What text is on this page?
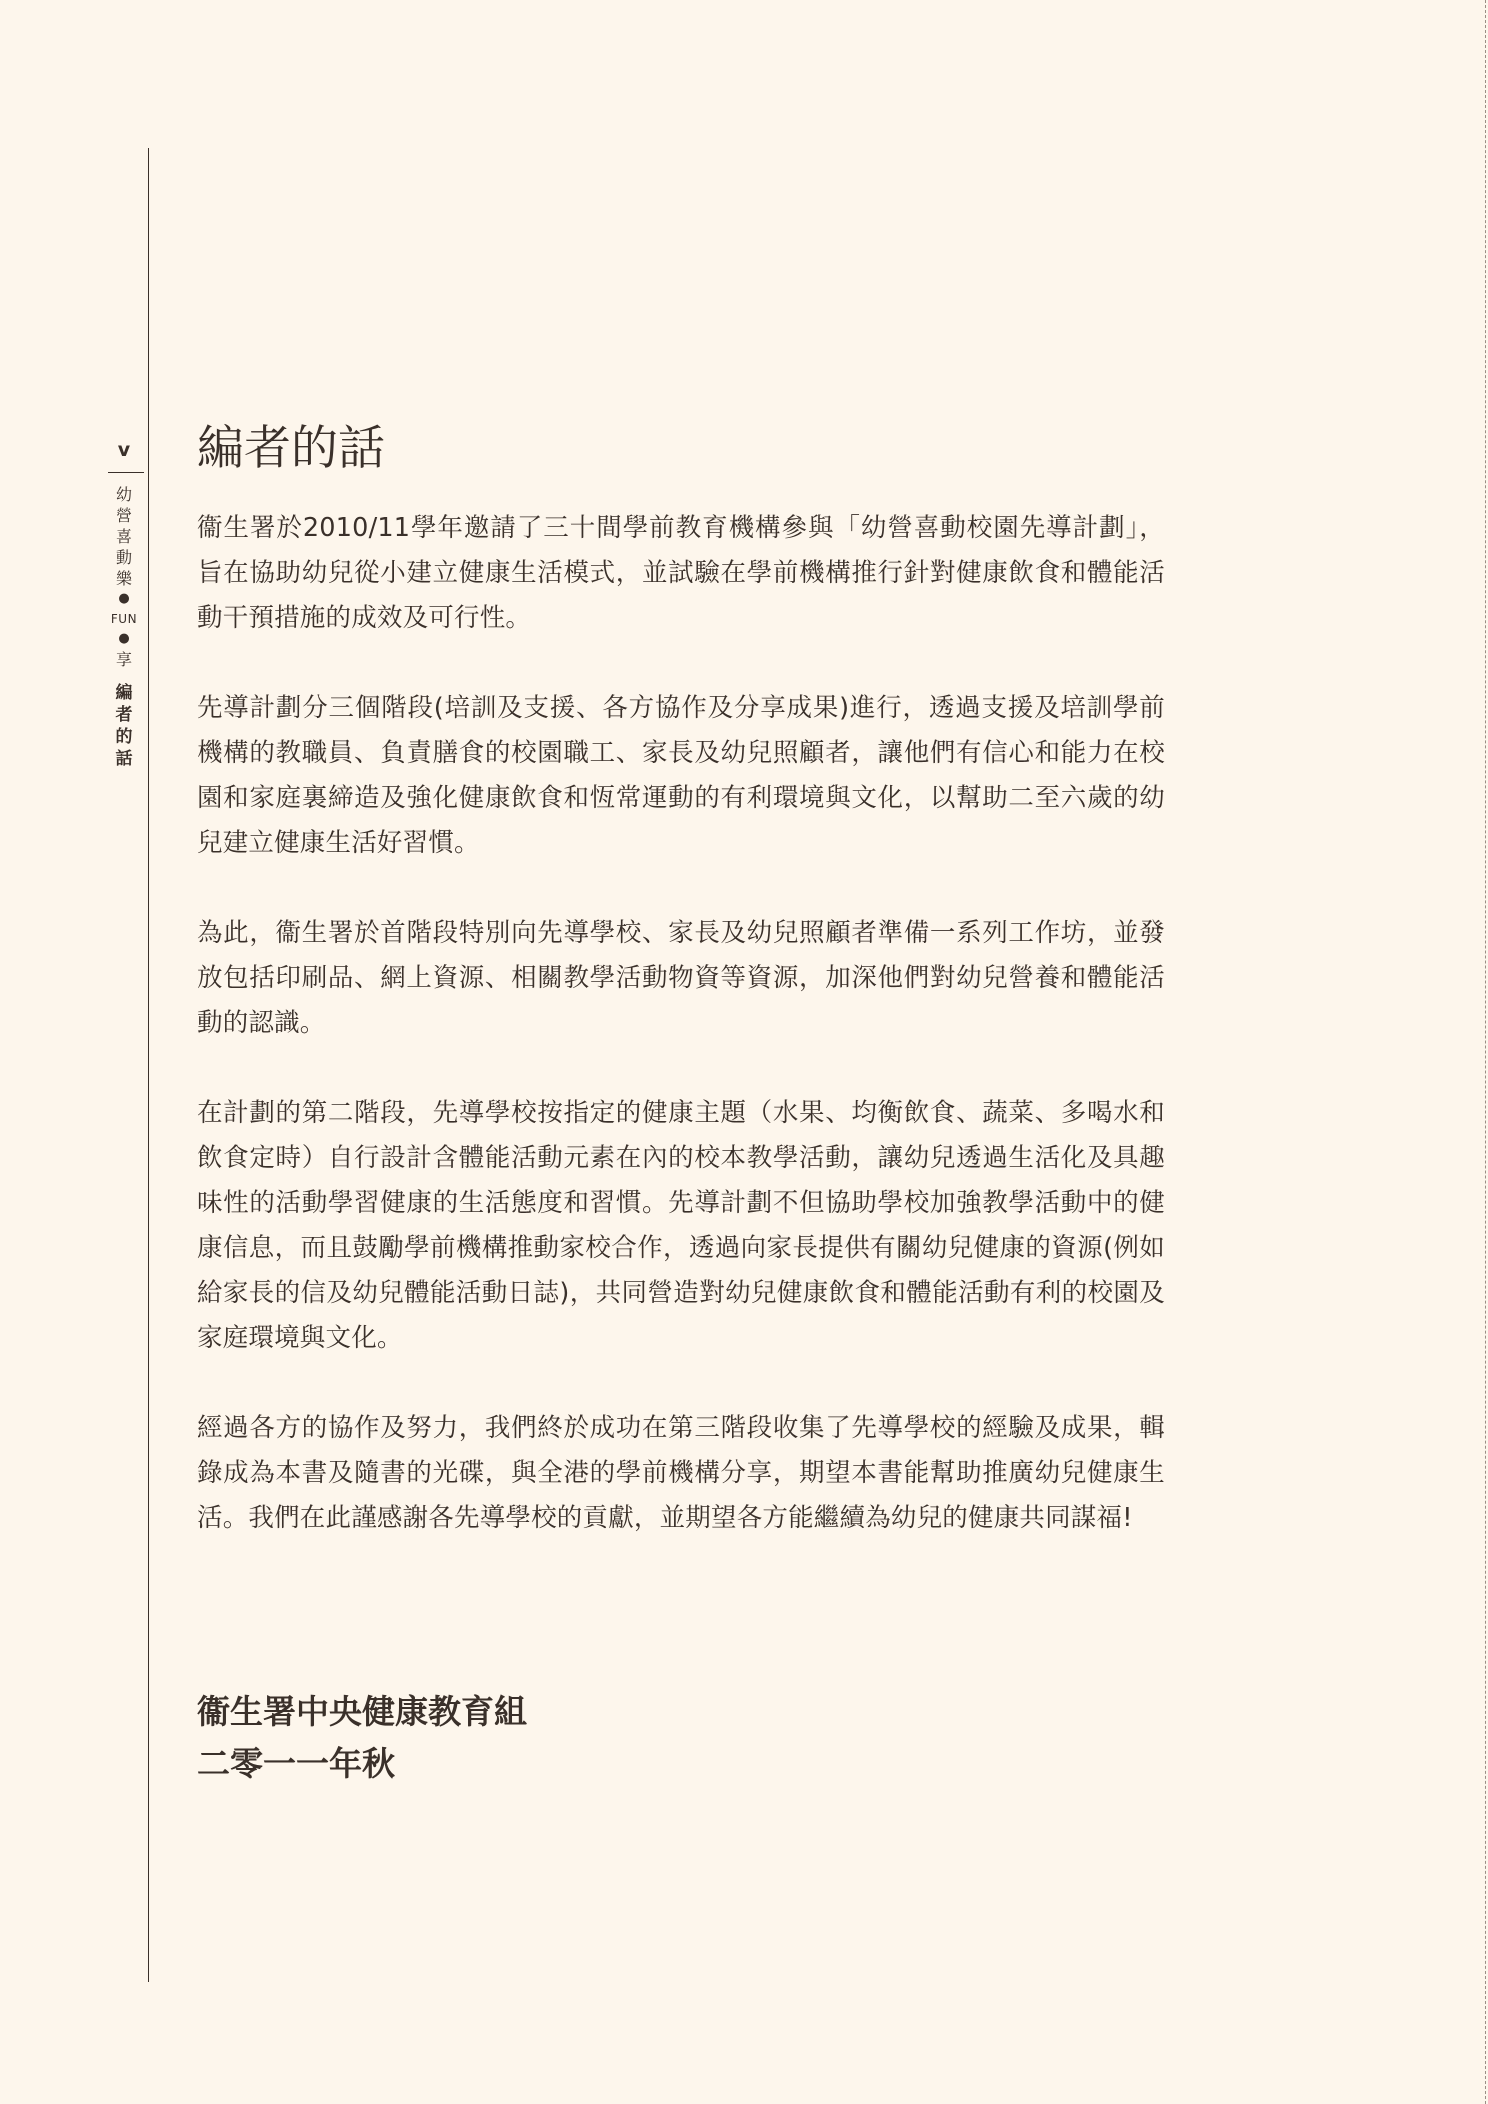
v
幼
營
喜
動
樂
●
FUN
●
享
編
者
的
話
編者的話

衞生署於2010/11學年邀請了三十間學前教育機構參與「幼營喜動校園先導計劃」，旨在協助幼兒從小建立健康生活模式，並試驗在學前機構推行針對健康飲食和體能活動干預措施的成效及可行性。

先導計劃分三個階段(培訓及支援、各方協作及分享成果)進行，透過支援及培訓學前機構的教職員、負責膳食的校園職工、家長及幼兒照顧者，讓他們有信心和能力在校園和家庭裏締造及強化健康飲食和恆常運動的有利環境與文化，以幫助二至六歲的幼兒建立健康生活好習慣。

為此，衞生署於首階段特別向先導學校、家長及幼兒照顧者準備一系列工作坊，並發放包括印刷品、網上資源、相關教學活動物資等資源，加深他們對幼兒營養和體能活動的認識。

在計劃的第二階段，先導學校按指定的健康主題（水果、均衡飲食、蔬菜、多喝水和飲食定時）自行設計含體能活動元素在內的校本教學活動，讓幼兒透過生活化及具趣味性的活動學習健康的生活態度和習慣。先導計劃不但協助學校加強教學活動中的健康信息，而且鼓勵學前機構推動家校合作，透過向家長提供有關幼兒健康的資源(例如給家長的信及幼兒體能活動日誌)，共同營造對幼兒健康飲食和體能活動有利的校園及家庭環境與文化。

經過各方的協作及努力，我們終於成功在第三階段收集了先導學校的經驗及成果，輯錄成為本書及隨書的光碟，與全港的學前機構分享，期望本書能幫助推廣幼兒健康生活。我們在此謹感謝各先導學校的貢獻，並期望各方能繼續為幼兒的健康共同謀福!

衞生署中央健康教育組
二零一一年秋
